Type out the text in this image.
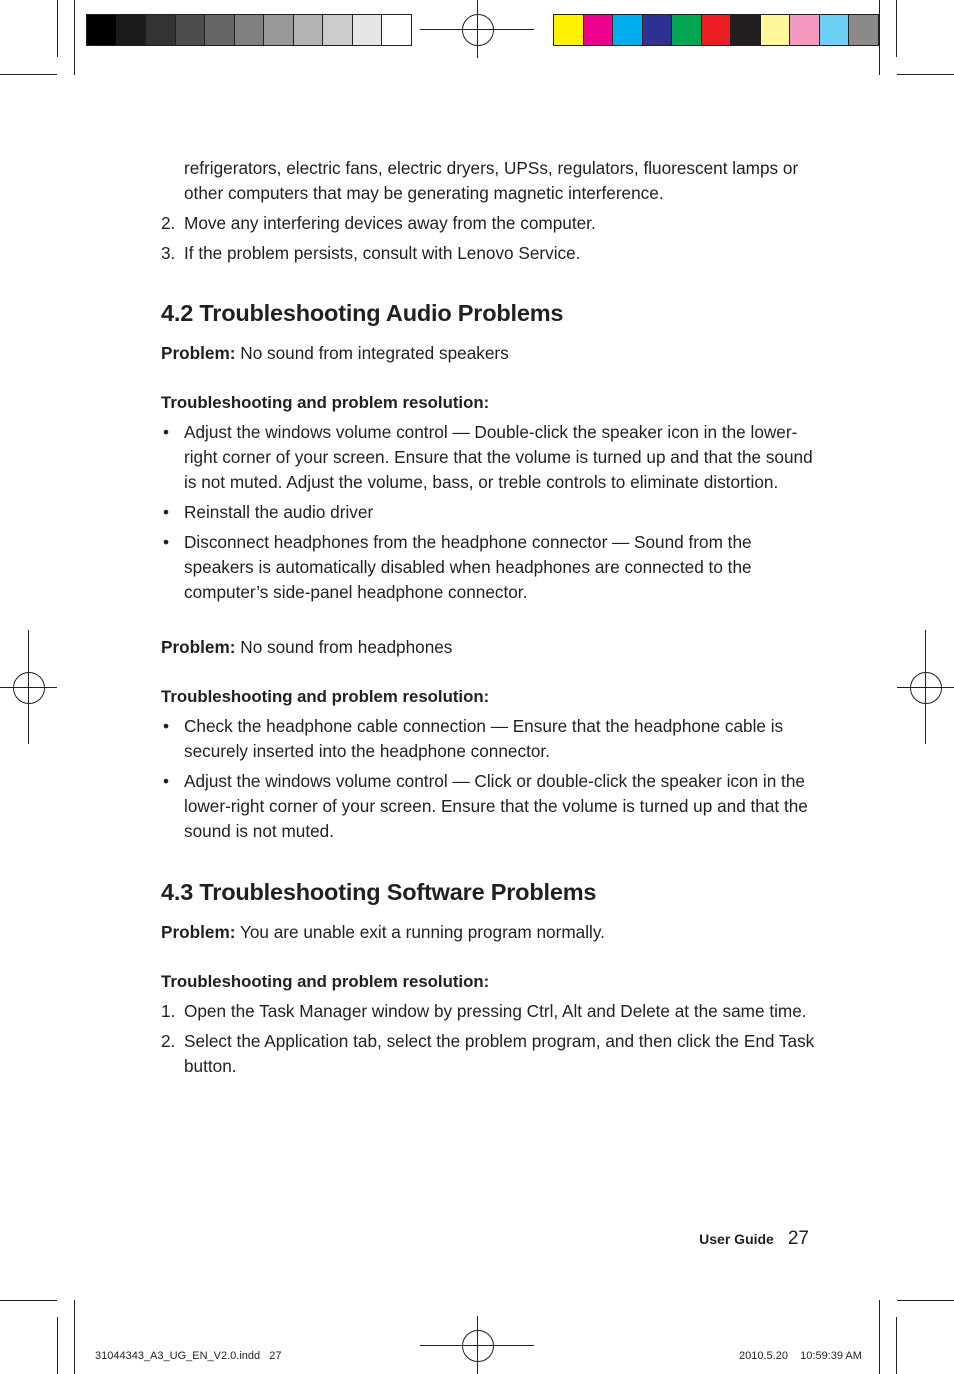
refrigerators, electric fans, electric dryers, UPSs, regulators, fluorescent lamps or other computers that may be generating magnetic interference.

2. Move any interfering devices away from the computer.
3. If the problem persists, consult with Lenovo Service.
4.2 Troubleshooting Audio Problems

Problem: No sound from integrated speakers

Troubleshooting and problem resolution:

• Adjust the windows volume control — Double-click the speaker icon in the lower-right corner of your screen. Ensure that the volume is turned up and that the sound is not muted. Adjust the volume, bass, or treble controls to eliminate distortion.
• Reinstall the audio driver
• Disconnect headphones from the headphone connector — Sound from the speakers is automatically disabled when headphones are connected to the computer’s side-panel headphone connector.

Problem: No sound from headphones

Troubleshooting and problem resolution:

• Check the headphone cable connection — Ensure that the headphone cable is securely inserted into the headphone connector.
• Adjust the windows volume control — Click or double-click the speaker icon in the lower-right corner of your screen. Ensure that the volume is turned up and that the sound is not muted.
4.3 Troubleshooting Software Problems

Problem: You are unable exit a running program normally.

Troubleshooting and problem resolution:

1. Open the Task Manager window by pressing Ctrl, Alt and Delete at the same time.
2. Select the Application tab, select the problem program, and then click the End Task button.
User Guide 27
31044343_A3_UG_EN_V2.0.indd   27	2010.5.20    10:59:39 AM
